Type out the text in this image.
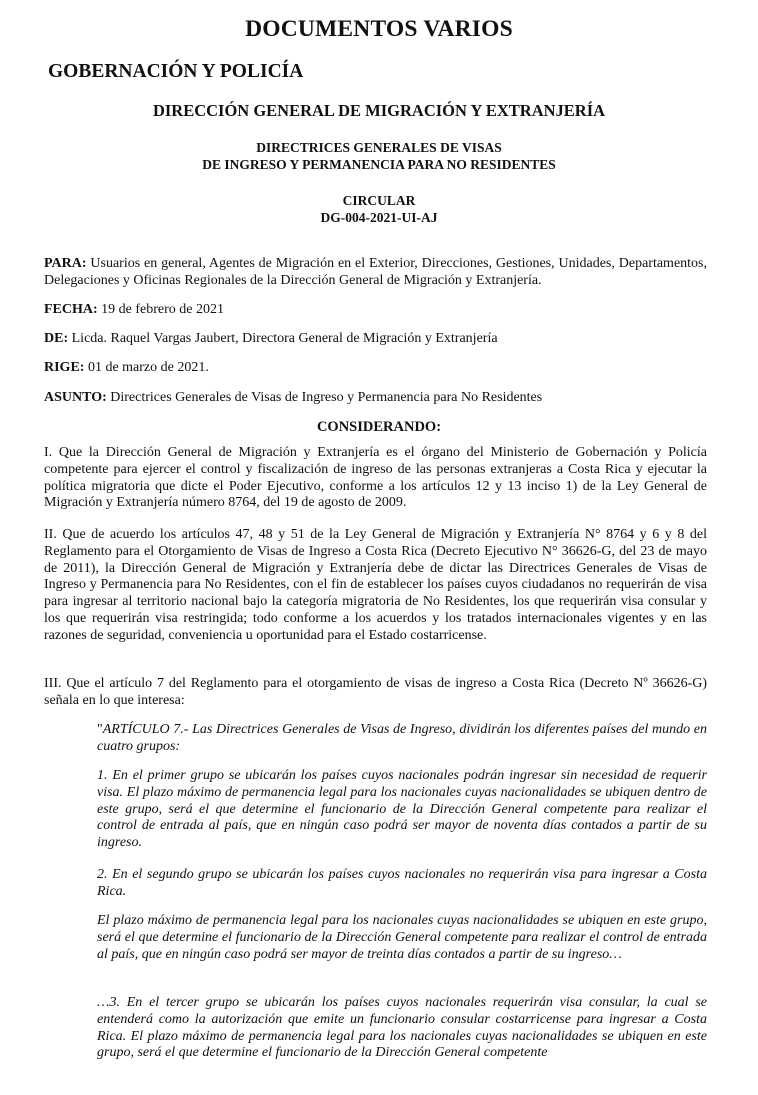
DOCUMENTOS VARIOS
GOBERNACIÓN Y POLICÍA
DIRECCIÓN GENERAL DE MIGRACIÓN Y EXTRANJERÍA
DIRECTRICES GENERALES DE VISAS
DE INGRESO Y PERMANENCIA PARA NO RESIDENTES
CIRCULAR
DG-004-2021-UI-AJ
PARA: Usuarios en general, Agentes de Migración en el Exterior, Direcciones, Gestiones, Unidades, Departamentos, Delegaciones y Oficinas Regionales de la Dirección General de Migración y Extranjería.
FECHA: 19 de febrero de 2021
DE: Licda. Raquel Vargas Jaubert, Directora General de Migración y Extranjería
RIGE: 01 de marzo de 2021.
ASUNTO: Directrices Generales de Visas de Ingreso y Permanencia para No Residentes
CONSIDERANDO:
I. Que la Dirección General de Migración y Extranjería es el órgano del Ministerio de Gobernación y Policía competente para ejercer el control y fiscalización de ingreso de las personas extranjeras a Costa Rica y ejecutar la política migratoria que dicte el Poder Ejecutivo, conforme a los artículos 12 y 13 inciso 1) de la Ley General de Migración y Extranjería número 8764, del 19 de agosto de 2009.
II. Que de acuerdo los artículos 47, 48 y 51 de la Ley General de Migración y Extranjería N° 8764 y 6 y 8 del Reglamento para el Otorgamiento de Visas de Ingreso a Costa Rica (Decreto Ejecutivo N° 36626-G, del 23 de mayo de 2011), la Dirección General de Migración y Extranjería debe de dictar las Directrices Generales de Visas de Ingreso y Permanencia para No Residentes, con el fin de establecer los países cuyos ciudadanos no requerirán de visa para ingresar al territorio nacional bajo la categoría migratoria de No Residentes, los que requerirán visa consular y los que requerirán visa restringida; todo conforme a los acuerdos y los tratados internacionales vigentes y en las razones de seguridad, conveniencia u oportunidad para el Estado costarricense.
III. Que el artículo 7 del Reglamento para el otorgamiento de visas de ingreso a Costa Rica (Decreto Nº 36626-G) señala en lo que interesa:
"ARTÍCULO 7.- Las Directrices Generales de Visas de Ingreso, dividirán los diferentes países del mundo en cuatro grupos:
1. En el primer grupo se ubicarán los países cuyos nacionales podrán ingresar sin necesidad de requerir visa. El plazo máximo de permanencia legal para los nacionales cuyas nacionalidades se ubiquen dentro de este grupo, será el que determine el funcionario de la Dirección General competente para realizar el control de entrada al país, que en ningún caso podrá ser mayor de noventa días contados a partir de su ingreso.
2. En el segundo grupo se ubicarán los países cuyos nacionales no requerirán visa para ingresar a Costa Rica.
El plazo máximo de permanencia legal para los nacionales cuyas nacionalidades se ubiquen en este grupo, será el que determine el funcionario de la Dirección General competente para realizar el control de entrada al país, que en ningún caso podrá ser mayor de treinta días contados a partir de su ingreso…
…3. En el tercer grupo se ubicarán los países cuyos nacionales requerirán visa consular, la cual se entenderá como la autorización que emite un funcionario consular costarricense para ingresar a Costa Rica. El plazo máximo de permanencia legal para los nacionales cuyas nacionalidades se ubiquen en este grupo, será el que determine el funcionario de la Dirección General competente
